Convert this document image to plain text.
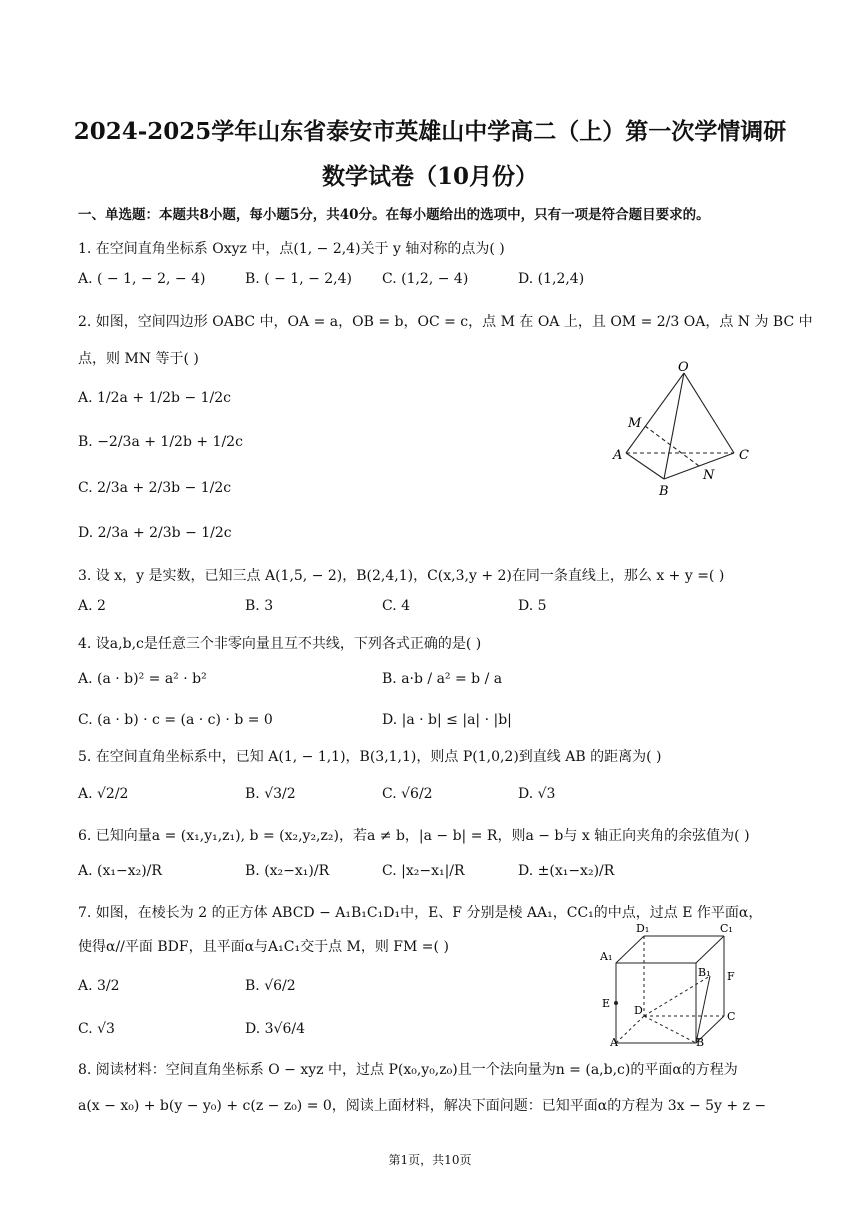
2024-2025学年山东省泰安市英雄山中学高二（上）第一次学情调研
数学试卷（10月份）
一、单选题：本题共8小题，每小题5分，共40分。在每小题给出的选项中，只有一项是符合题目要求的。
1. 在空间直角坐标系 Oxyz 中，点(1, − 2,4)关于 y 轴对称的点为( )
A. ( − 1, − 2, − 4)	B. ( − 1, − 2,4) C. (1,2, − 4)	D. (1,2,4)
2. 如图，空间四边形 OABC 中，OA = a，OB = b，OC = c，点 M 在 OA 上，且 OM = 2/3 OA，点 N 为 BC 中
点，则 MN 等于( )
A. 1/2a + 1/2b − 1/2c
B. −2/3a + 1/2b + 1/2c
C. 2/3a + 2/3b − 1/2c
D. 2/3a + 2/3b − 1/2c
O
M
A
B
N
C
3. 设 x，y 是实数，已知三点 A(1,5, − 2)，B(2,4,1)，C(x,3,y + 2)在同一条直线上，那么 x + y =( )
A. 2	B. 3	C. 4	D. 5
4. 设a,b,c是任意三个非零向量且互不共线，下列各式正确的是( )
A. (a · b)² = a² · b²	B. a·b / a² = b / a
C. (a · b) · c = (a · c) · b = 0	D. |a · b| ≤ |a| · |b|
5. 在空间直角坐标系中，已知 A(1, − 1,1)，B(3,1,1)，则点 P(1,0,2)到直线 AB 的距离为( )
A. √2/2	B. √3/2	C. √6/2	D. √3
6. 已知向量a = (x₁,y₁,z₁), b = (x₂,y₂,z₂)，若a ≠ b，|a − b| = R，则a − b与 x 轴正向夹角的余弦值为( )
A. (x₁−x₂)/R	B. (x₂−x₁)/R	C. |x₂−x₁|/R	D. ±(x₁−x₂)/R
7. 如图，在棱长为 2 的正方体 ABCD − A₁B₁C₁D₁中，E、F 分别是棱 AA₁，CC₁的中点，过点 E 作平面α，
使得α//平面 BDF，且平面α与A₁C₁交于点 M，则 FM =( )
A. 3/2	B. √6/2
C. √3	D. 3√6/4
D₁	C₁
A₁
B₁ F
E
D	C
A	B
8. 阅读材料：空间直角坐标系 O − xyz 中，过点 P(x₀,y₀,z₀)且一个法向量为n = (a,b,c)的平面α的方程为
a(x − x₀) + b(y − y₀) + c(z − z₀) = 0，阅读上面材料，解决下面问题：已知平面α的方程为 3x − 5y + z −
第1页，共10页
